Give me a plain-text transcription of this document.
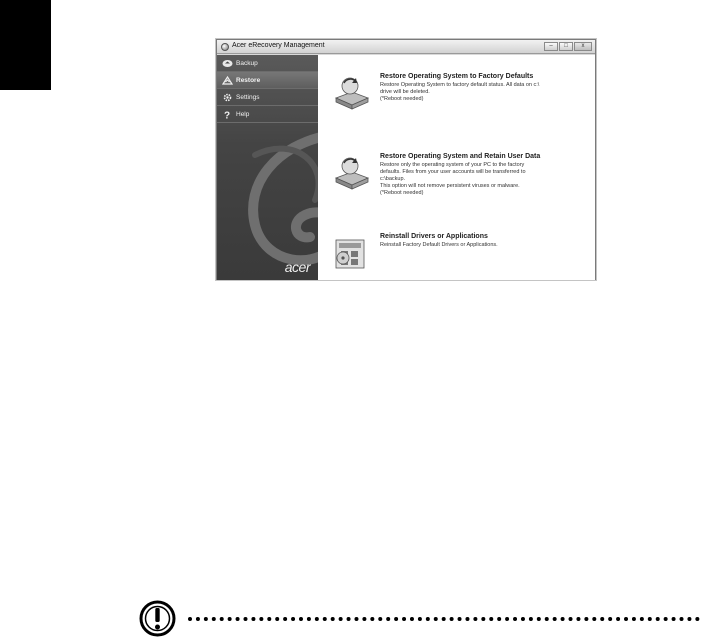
Acer eRecovery Management	–	□	x
Backup
Restore
Settings
? Help
acer
Restore Operating System to Factory Defaults
Restore Operating System to factory default status. All data on c:\
drive will be deleted.
(*Reboot needed)
Restore Operating System and Retain User Data
Restore only the operating system of your PC to the factory
defaults. Files from your user accounts will be transferred to
c:\backup.
This option will not remove persistent viruses or malware.
(*Reboot needed)
Reinstall Drivers or Applications
Reinstall Factory Default Drivers or Applications.
